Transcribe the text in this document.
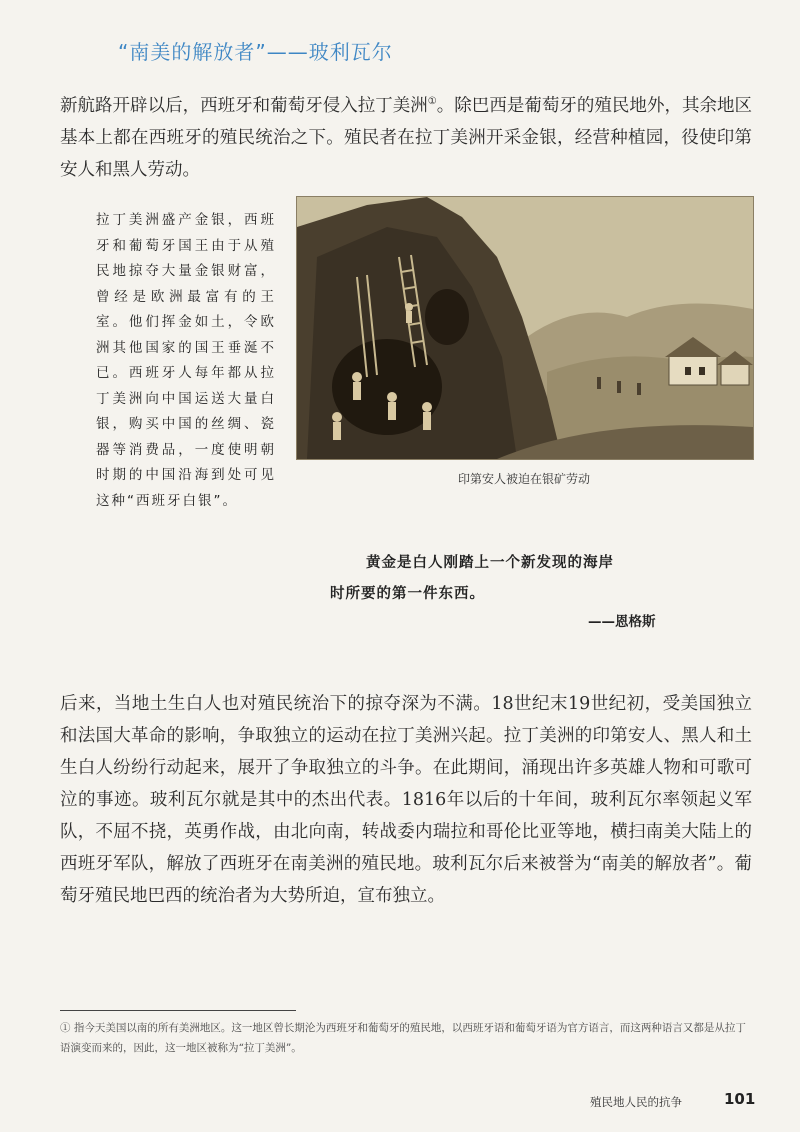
“南美的解放者”——玻利瓦尔

新航路开辟以后，西班牙和葡萄牙侵入拉丁美洲①。除巴西是葡萄牙的殖民地外，其余地区基本上都在西班牙的殖民统治之下。殖民者在拉丁美洲开采金银，经营种植园，役使印第安人和黑人劳动。

拉丁美洲盛产金银，西班牙和葡萄牙国王由于从殖民地掠夺大量金银财富，曾经是欧洲最富有的王室。他们挥金如土，令欧洲其他国家的国王垂涎不已。西班牙人每年都从拉丁美洲向中国运送大量白银，购买中国的丝绸、瓷器等消费品，一度使明朝时期的中国沿海到处可见这种“西班牙白银”。

印第安人被迫在银矿劳动
黄金是白人刚踏上一个新发现的海岸
时所要的第一件东西。
——恩格斯

后来，当地土生白人也对殖民统治下的掠夺深为不满。18世纪末19世纪初，受美国独立和法国大革命的影响，争取独立的运动在拉丁美洲兴起。拉丁美洲的印第安人、黑人和土生白人纷纷行动起来，展开了争取独立的斗争。在此期间，涌现出许多英雄人物和可歌可泣的事迹。玻利瓦尔就是其中的杰出代表。1816年以后的十年间，玻利瓦尔率领起义军队，不屈不挠，英勇作战，由北向南，转战委内瑞拉和哥伦比亚等地，横扫南美大陆上的西班牙军队，解放了西班牙在南美洲的殖民地。玻利瓦尔后来被誉为“南美的解放者”。葡萄牙殖民地巴西的统治者为大势所迫，宣布独立。

① 指今天美国以南的所有美洲地区。这一地区曾长期沦为西班牙和葡萄牙的殖民地，以西班牙语和葡萄牙语为官方语言，而这两种语言又都是从拉丁语演变而来的，因此，这一地区被称为“拉丁美洲”。

殖民地人民的抗争	101
